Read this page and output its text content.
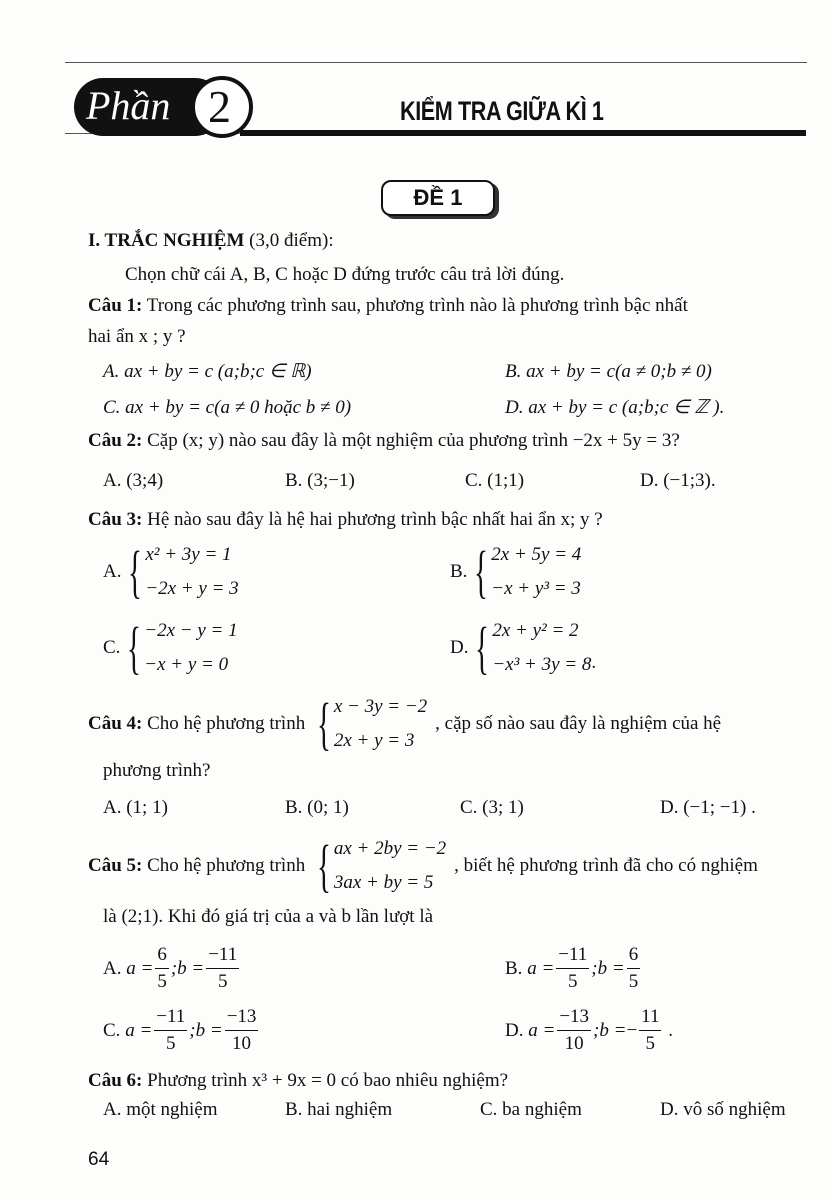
Phần 2	KIỂM TRA GIỮA KÌ 1
ĐỀ 1
I. TRẮC NGHIỆM (3,0 điểm):
Chọn chữ cái A, B, C hoặc D đứng trước câu trả lời đúng.
Câu 1: Trong các phương trình sau, phương trình nào là phương trình bậc nhất
hai ẩn x ; y ?
A. ax + by = c (a;b;c ∈ ℝ)	B. ax + by = c(a ≠ 0;b ≠ 0)
C. ax + by = c(a ≠ 0 hoặc b ≠ 0)	D. ax + by = c (a;b;c ∈ ℤ ).
Câu 2: Cặp (x; y) nào sau đây là một nghiệm của phương trình −2x + 5y = 3?
A. (3;4)	B. (3;−1)	C. (1;1)	D. (−1;3).
Câu 3: Hệ nào sau đây là hệ hai phương trình bậc nhất hai ẩn x; y ?
A. { x² + 3y = 1
−2x + y = 3
B. { 2x + 5y = 4
−x + y³ = 3
C. { −2x − y = 1
−x + y = 0
D. { 2x + y² = 2
−x³ + 3y = 8 .
Câu 4:
Cho hệ phương trình
{ x − 3y = −2
2x + y = 3
, cặp số nào sau đây là nghiệm của hệ
phương trình?
A. (1; 1)	B. (0; 1)	C. (3; 1)	D. (−1; −1) .
Câu 5:
Cho hệ phương trình
{ ax + 2by = −2
3ax + by = 5
, biết hệ phương trình đã cho có nghiệm
là (2;1). Khi đó giá trị của a và b lần lượt là
A.
$a = \frac{6}{5}$ ;b = $\frac{-11}{5}$	B.
$a = \frac{-11}{5}$ ;b = $\frac{6}{5}$
C.
$a = \frac{-11}{5}$ ;b = $\frac{-13}{10}$	D.
$a = \frac{-13}{10}$ ;b = − $\frac{11}{5}$
.
Câu 6: Phương trình x³ + 9x = 0 có bao nhiêu nghiệm?
A. một nghiệm	B. hai nghiệm	C. ba nghiệm	D. vô số nghiệm
64
